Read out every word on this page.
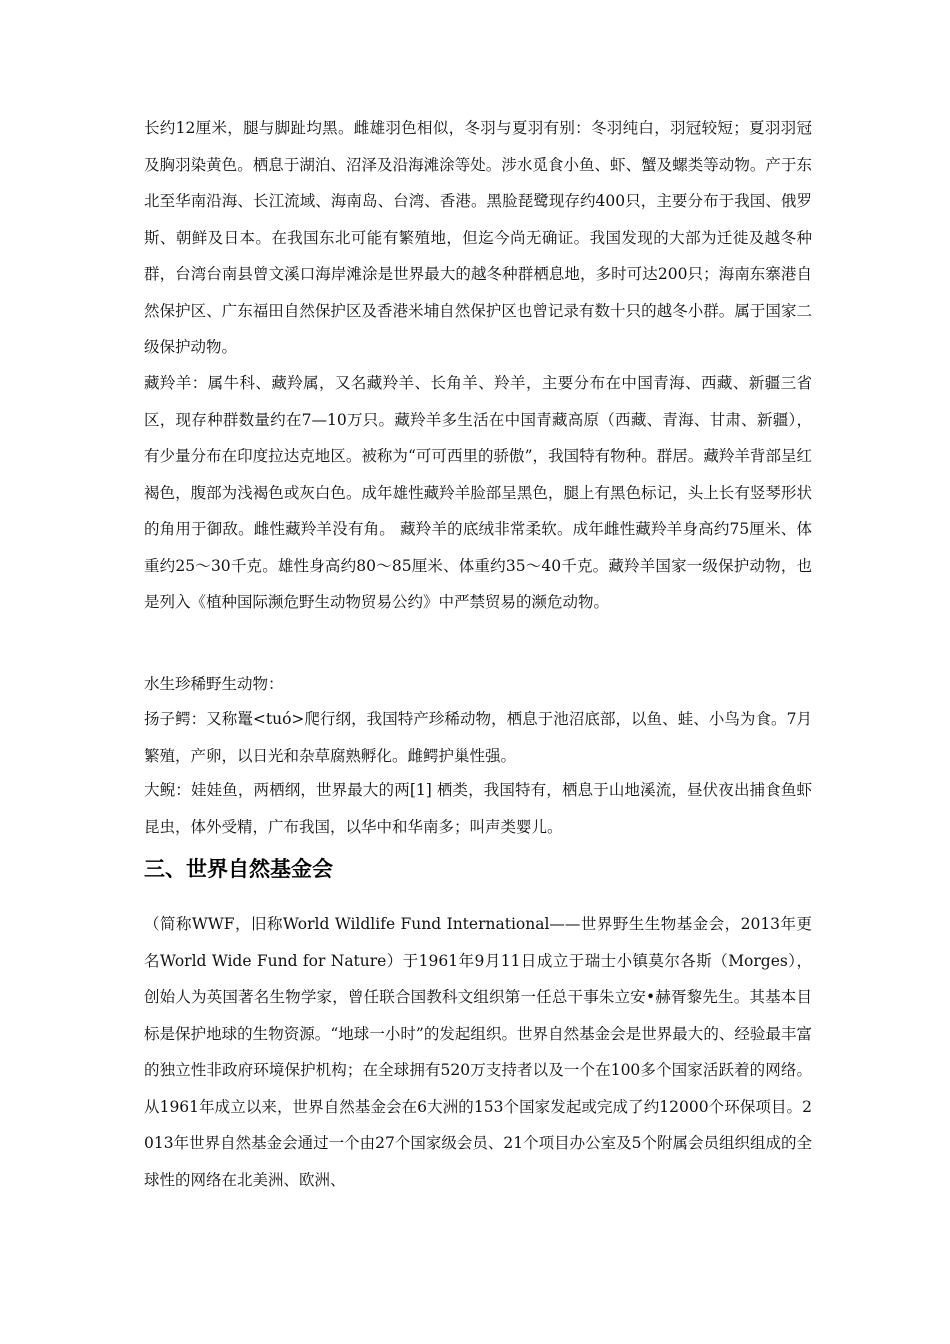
长约12厘米，腿与脚趾均黑。雌雄羽色相似，冬羽与夏羽有别：冬羽纯白，羽冠较短；夏羽羽冠及胸羽染黄色。栖息于湖泊、沼泽及沿海滩涂等处。涉水觅食小鱼、虾、蟹及螺类等动物。产于东北至华南沿海、长江流域、海南岛、台湾、香港。黑脸琵鹭现存约400只，主要分布于我国、俄罗斯、朝鲜及日本。在我国东北可能有繁殖地，但迄今尚无确证。我国发现的大部为迁徙及越冬种群，台湾台南县曾文溪口海岸滩涂是世界最大的越冬种群栖息地，多时可达200只；海南东寨港自然保护区、广东福田自然保护区及香港米埔自然保护区也曾记录有数十只的越冬小群。属于国家二级保护动物。

藏羚羊：属牛科、藏羚属，又名藏羚羊、长角羊、羚羊，主要分布在中国青海、西藏、新疆三省区，现存种群数量约在7—10万只。藏羚羊多生活在中国青藏高原（西藏、青海、甘肃、新疆），有少量分布在印度拉达克地区。被称为“可可西里的骄傲”，我国特有物种。群居。藏羚羊背部呈红褐色，腹部为浅褐色或灰白色。成年雄性藏羚羊脸部呈黑色，腿上有黑色标记，头上长有竖琴形状的角用于御敌。雌性藏羚羊没有角。 藏羚羊的底绒非常柔软。成年雌性藏羚羊身高约75厘米、体重约25～30千克。雄性身高约80～85厘米、体重约35～40千克。藏羚羊国家一级保护动物，也是列入《植种国际濒危野生动物贸易公约》中严禁贸易的濒危动物。

水生珍稀野生动物：

扬子鳄：又称鼍<tuó>爬行纲，我国特产珍稀动物，栖息于池沼底部，以鱼、蛙、小鸟为食。7月繁殖，产卵，以日光和杂草腐熟孵化。雌鳄护巢性强。

大鲵：娃娃鱼，两栖纲，世界最大的两[1] 栖类，我国特有，栖息于山地溪流，昼伏夜出捕食鱼虾昆虫，体外受精，广布我国，以华中和华南多；叫声类婴儿。

三、世界自然基金会

（简称WWF，旧称World Wildlife Fund International——世界野生生物基金会，2013年更名World Wide Fund for Nature）于1961年9月11日成立于瑞士小镇莫尔各斯（Morges），创始人为英国著名生物学家，曾任联合国教科文组织第一任总干事朱立安•赫胥黎先生。其基本目标是保护地球的生物资源。“地球一小时”的发起组织。世界自然基金会是世界最大的、经验最丰富的独立性非政府环境保护机构；在全球拥有520万支持者以及一个在100多个国家活跃着的网络。从1961年成立以来，世界自然基金会在6大洲的153个国家发起或完成了约12000个环保项目。2013年世界自然基金会通过一个由27个国家级会员、21个项目办公室及5个附属会员组织组成的全球性的网络在北美洲、欧洲、
